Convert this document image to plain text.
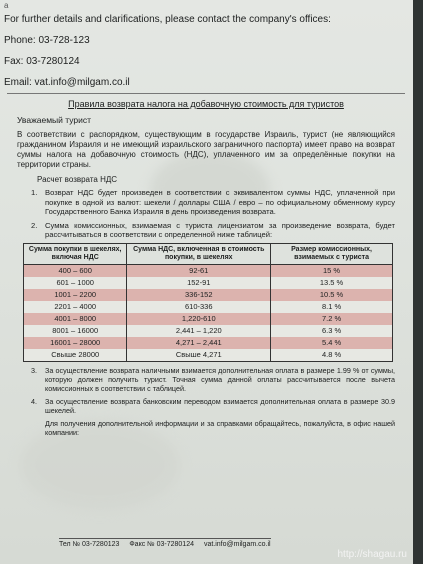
a

For further details and clarifications, please contact the company's offices:

Phone: 03-728-123

Fax: 03-7280124

Email: vat.info@milgam.co.il

Правила возврата налога на добавочную стоимость для туристов
Уважаемый турист
В соответствии с распорядком, существующим в государстве Израиль, турист (не являющийся гражданином Израиля и не имеющий израильского заграничного паспорта) имеет право на возврат суммы налога на добавочную стоимость (НДС), уплаченного им за определённые покупки на территории страны.
Расчет возврата НДС
1. Возврат НДС будет произведен в соответствии с эквивалентом суммы НДС, уплаченной при покупке в одной из валют: шекели / доллары США / евро – по официальному обменному курсу Государственного Банка Израиля в день произведения возврата.
2. Сумма комиссионных, взимаемая с туриста лицензиатом за произведение возврата, будет рассчитываться в соответствии с определенной ниже таблицей:
Сумма покупки в шекелях, включая НДС	Сумма НДС, включенная в стоимость покупки, в шекелях	Размер комиссионных, взимаемых с туриста
400 – 600	92-61	15 %
601 – 1000	152-91	13.5 %
1001 – 2200	336-152	10.5 %
2201 – 4000	610-336	8.1 %
4001 – 8000	1,220-610	7.2 %
8001 – 16000	2,441 – 1,220	6.3 %
16001 – 28000	4,271 – 2,441	5.4 %
Свыше 28000	Свыше 4,271	4.8 %
3. За осуществление возврата наличными взимается дополнительная оплата в размере 1.99 % от суммы, которую должен получить турист. Точная сумма данной оплаты рассчитывается после вычета комиссионных в соответствии с таблицей.
4. За осуществление возврата банковским переводом взимается дополнительная оплата в размере 30.9 шекелей.
Для получения дополнительной информации и за справками обращайтесь, пожалуйста, в офис нашей компании:
Тел № 03-7280123 Факс № 03-7280124 vat.info@milgam.co.il
http://shagau.ru
